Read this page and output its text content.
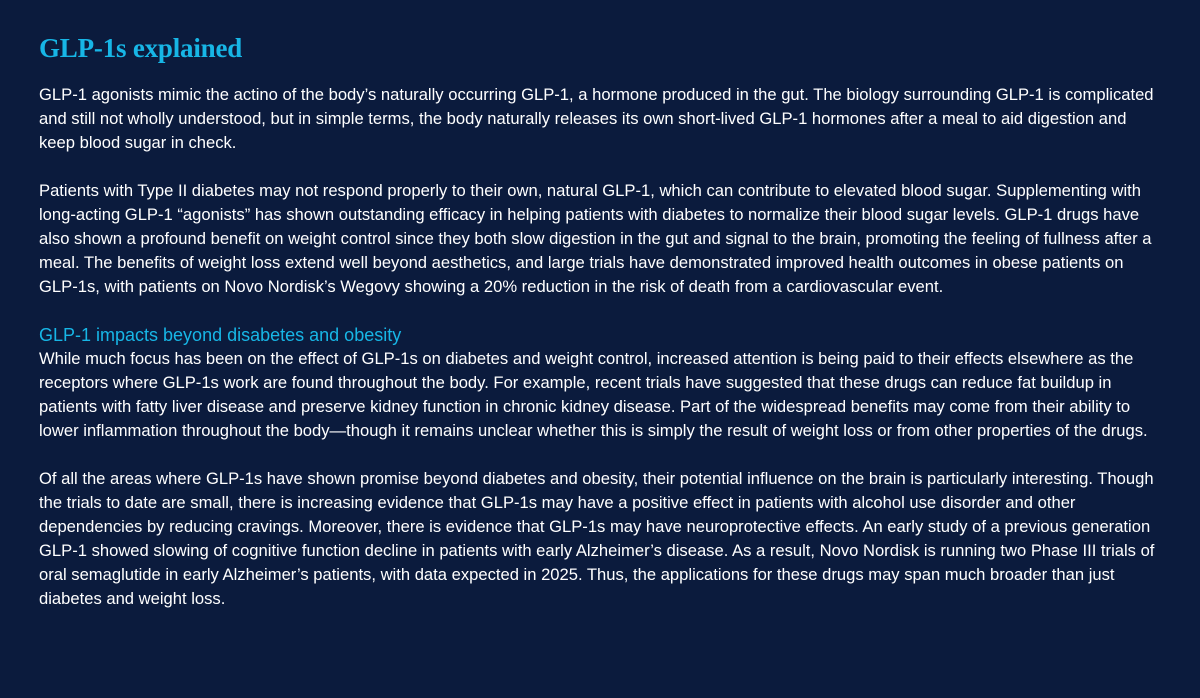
GLP-1s explained

GLP-1 agonists mimic the actino of the body’s naturally occurring GLP-1, a hormone produced in the gut. The biology surrounding GLP-1 is complicated and still not wholly understood, but in simple terms, the body naturally releases its own short-lived GLP-1 hormones after a meal to aid digestion and keep blood sugar in check.

Patients with Type II diabetes may not respond properly to their own, natural GLP-1, which can contribute to elevated blood sugar. Supplementing with long-acting GLP-1 “agonists” has shown outstanding efficacy in helping patients with diabetes to normalize their blood sugar levels. GLP-1 drugs have also shown a profound benefit on weight control since they both slow digestion in the gut and signal to the brain, promoting the feeling of fullness after a meal. The benefits of weight loss extend well beyond aesthetics, and large trials have demonstrated improved health outcomes in obese patients on GLP-1s, with patients on Novo Nordisk’s Wegovy showing a 20% reduction in the risk of death from a cardiovascular event.

GLP-1 impacts beyond disabetes and obesity

While much focus has been on the effect of GLP-1s on diabetes and weight control, increased attention is being paid to their effects elsewhere as the receptors where GLP-1s work are found throughout the body. For example, recent trials have suggested that these drugs can reduce fat buildup in patients with fatty liver disease and preserve kidney function in chronic kidney disease. Part of the widespread benefits may come from their ability to lower inflammation throughout the body—though it remains unclear whether this is simply the result of weight loss or from other properties of the drugs.

Of all the areas where GLP-1s have shown promise beyond diabetes and obesity, their potential influence on the brain is particularly interesting. Though the trials to date are small, there is increasing evidence that GLP-1s may have a positive effect in patients with alcohol use disorder and other dependencies by reducing cravings. Moreover, there is evidence that GLP-1s may have neuroprotective effects. An early study of a previous generation GLP-1 showed slowing of cognitive function decline in patients with early Alzheimer’s disease. As a result, Novo Nordisk is running two Phase III trials of oral semaglutide in early Alzheimer’s patients, with data expected in 2025. Thus, the applications for these drugs may span much broader than just diabetes and weight loss.
